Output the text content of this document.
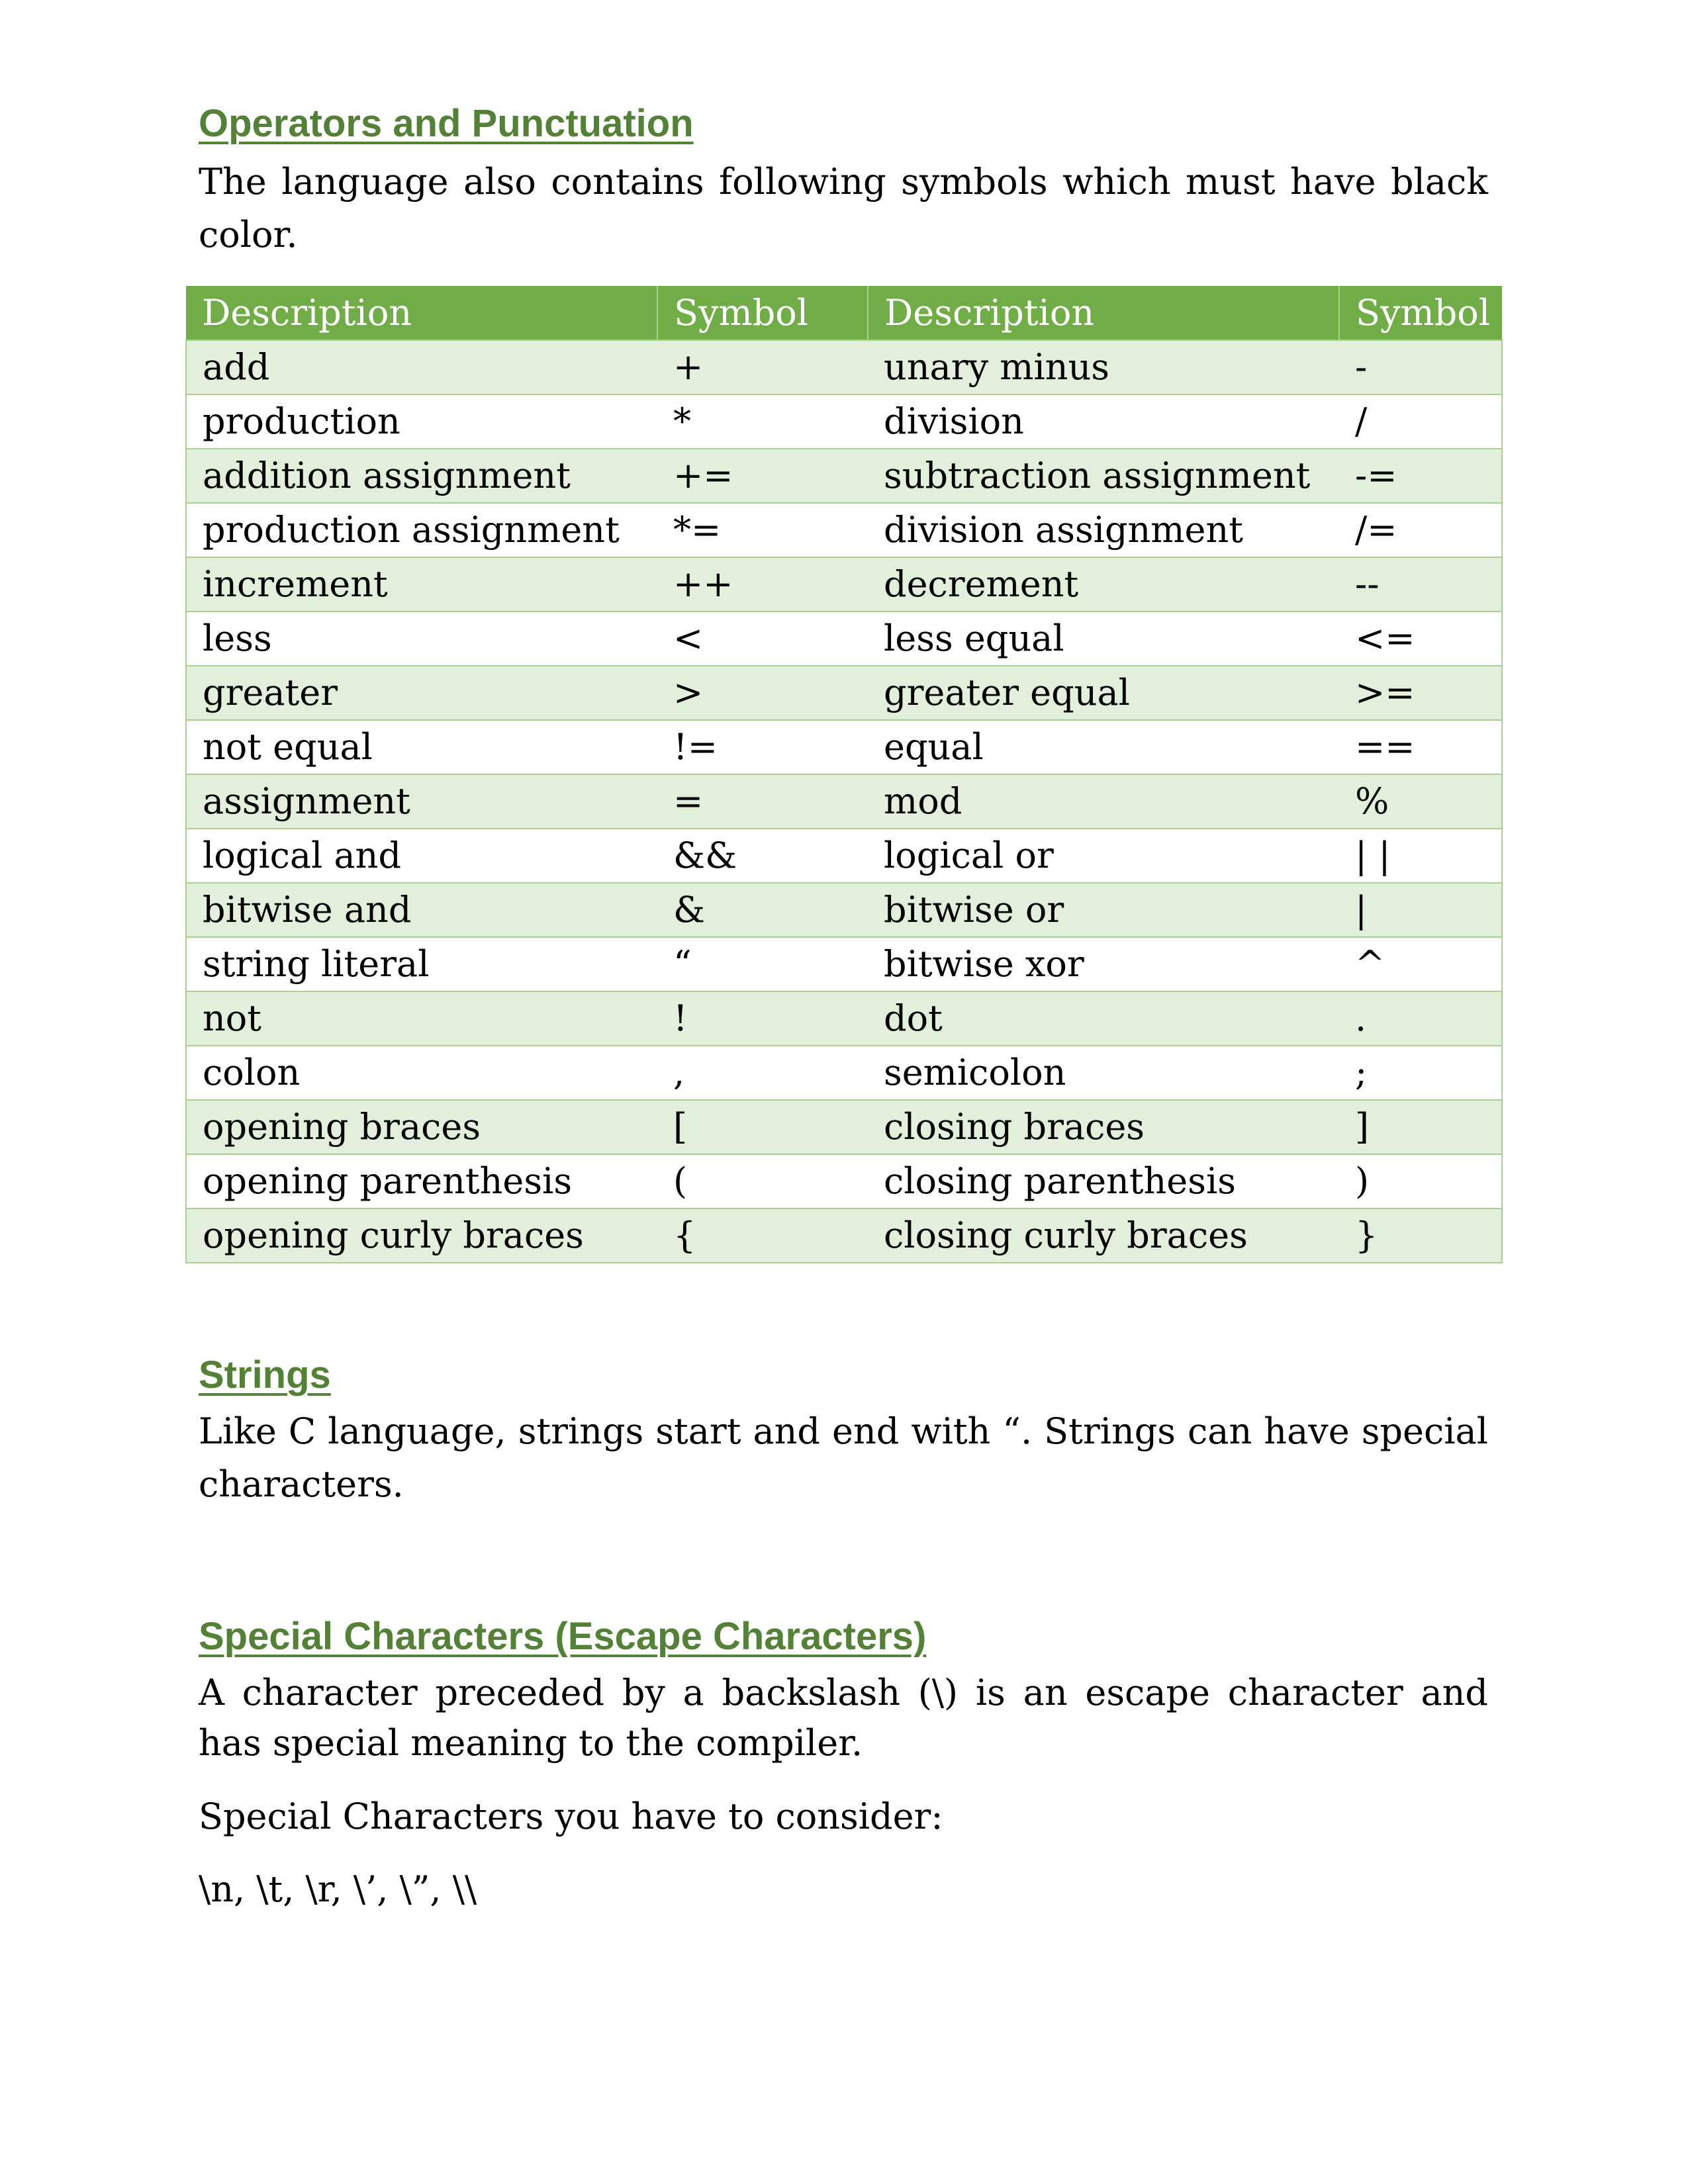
Operators and Punctuation

The language also contains following symbols which must have black color.

Description	Symbol	Description	Symbol
add	+	unary minus	-
production	*	division	/
addition assignment	+=	subtraction assignment	-=
production assignment	*=	division assignment	/=
increment	++	decrement	--
less	<	less equal	<=
greater	>	greater equal	>=
not equal	!=	equal	==
assignment	=	mod	%
logical and	&&	logical or	| |
bitwise and	&	bitwise or	|
string literal	“	bitwise xor	^
not	!	dot	.
colon	,	semicolon	;
opening braces	[	closing braces	]
opening parenthesis	(	closing parenthesis	)
opening curly braces	{	closing curly braces	}
Strings

Like C language, strings start and end with “. Strings can have special characters.

Special Characters (Escape Characters)

A character preceded by a backslash (\) is an escape character and has special meaning to the compiler.

Special Characters you have to consider:

\n, \t, \r, \’, \”, \\
